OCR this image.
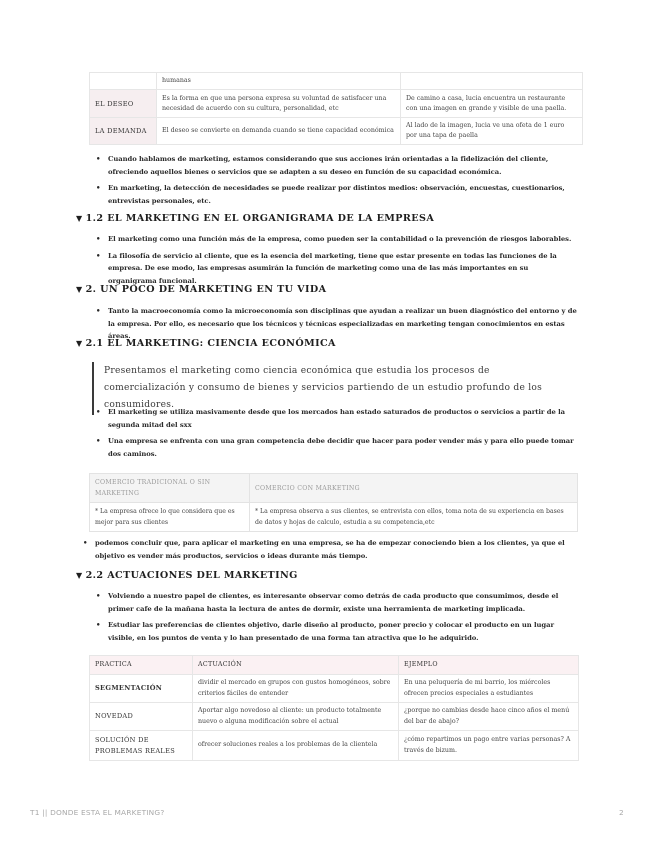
	humanas	
EL DESEO	Es la forma en que una persona expresa su voluntad de satisfacer una necesidad de acuerdo con su cultura, personalidad, etc	De camino a casa, lucia encuentra un restaurante con una imagen en grande y visible de una paella.
LA DEMANDA	El deseo se convierte en demanda cuando se tiene capacidad económica	Al lado de la imagen, lucia ve una ofeta de 1 euro por una tapa de paella
• Cuando hablamos de marketing, estamos considerando que sus acciones irán orientadas a la fidelización del cliente, ofreciendo aquellos bienes o servicios que se adapten a su deseo en función de su capacidad económica.
• En marketing, la detección de necesidades se puede realizar por distintos medios: observación, encuestas, cuestionarios, entrevistas personales, etc.
▼ 1.2 EL MARKETING EN EL ORGANIGRAMA DE LA EMPRESA
• El marketing como una función más de la empresa, como pueden ser la contabilidad o la prevención de riesgos laborables.
• La filosofía de servicio al cliente, que es la esencia del marketing, tiene que estar presente en todas las funciones de la empresa. De ese modo, las empresas asumirán la función de marketing como una de las más importantes en su organigrama funcional.
▼ 2. UN POCO DE MARKETING EN TU VIDA
• Tanto la macroeconomía como la microeconomía son disciplinas que ayudan a realizar un buen diagnóstico del entorno y de la empresa. Por ello, es necesario que los técnicos y técnicas especializadas en marketing tengan conocimientos en estas áreas.
▼ 2.1 EL MARKETING: CIENCIA ECONÓMICA
Presentamos el marketing como ciencia económica que estudia los procesos de comercialización y consumo de bienes y servicios partiendo de un estudio profundo de los consumidores.
• El marketing se utiliza masivamente desde que los mercados han estado saturados de productos o servicios a partir de la segunda mitad del sxx
• Una empresa se enfrenta con una gran competencia debe decidir que hacer para poder vender más y para ello puede tomar dos caminos.
COMERCIO TRADICIONAL O SIN MARKETING	COMERCIO CON MARKETING
* La empresa ofrece lo que considera que es mejor para sus clientes	* La empresa observa a sus clientes, se entrevista con ellos, toma nota de su experiencia en bases de datos y hojas de calculo, estudia a su competencia,etc
• podemos concluir que, para aplicar el marketing en una empresa, se ha de empezar conociendo bien a los clientes, ya que el objetivo es vender más productos, servicios o ideas durante más tiempo.
▼ 2.2 ACTUACIONES DEL MARKETING
• Volviendo a nuestro papel de clientes, es interesante observar como detrás de cada producto que consumimos, desde el primer cafe de la mañana hasta la lectura de antes de dormir, existe una herramienta de marketing implicada.
• Estudiar las preferencias de clientes objetivo, darle diseño al producto, poner precio y colocar el producto en un lugar visible, en los puntos de venta y lo han presentado de una forma tan atractiva que lo he adquirido.
PRACTICA	ACTUACIÓN	EJEMPLO
SEGMENTACIÓN	dividir el mercado en grupos con gustos homogéneos, sobre criterios fáciles de entender	En una peluquería de mi barrio, los miércoles ofrecen precios especiales a estudiantes
NOVEDAD	Aportar algo novedoso al cliente: un producto totalmente nuevo o alguna modificación sobre el actual	¿porque no cambias desde hace cinco años el menú del bar de abajo?
SOLUCIÓN DE PROBLEMAS REALES	ofrecer soluciones reales a los problemas de la clientela	¿cómo repartimos un pago entre varias personas? A través de bizum.
T1 || DONDE ESTA EL MARKETING?	2
